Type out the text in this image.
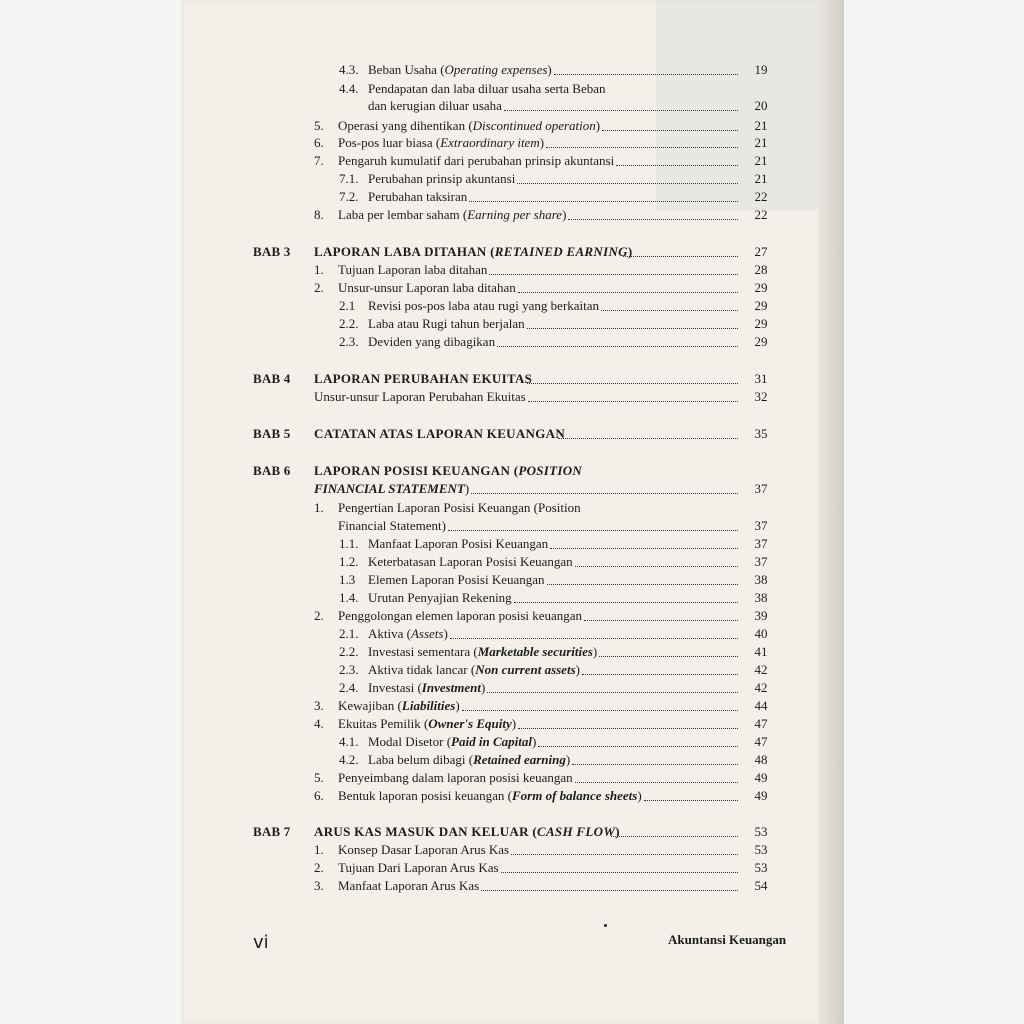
4.3. Beban Usaha (Operating expenses)	19
4.4. Pendapatan dan laba diluar usaha serta Beban
dan kerugian diluar usaha	20
5.	Operasi yang dihentikan (Discontinued operation)	21
6.	Pos-pos luar biasa (Extraordinary item)	21
7.	Pengaruh kumulatif dari perubahan prinsip akuntansi	21
7.1. Perubahan prinsip akuntansi	21
7.2. Perubahan taksiran	22
8.	Laba per lembar saham (Earning per share)	22
BAB 3	LAPORAN LABA DITAHAN (RETAINED EARNING)	27
1.	Tujuan Laporan laba ditahan	28
2.	Unsur-unsur Laporan laba ditahan	29
2.1 Revisi pos-pos laba atau rugi yang berkaitan	29
2.2. Laba atau Rugi tahun berjalan	29
2.3. Deviden yang dibagikan	29
BAB 4	LAPORAN PERUBAHAN EKUITAS	31
Unsur-unsur Laporan Perubahan Ekuitas	32
BAB 5	CATATAN ATAS LAPORAN KEUANGAN	35
BAB 6	LAPORAN POSISI KEUANGAN (POSITION
FINANCIAL STATEMENT)	37
1.	Pengertian Laporan Posisi Keuangan (Position
Financial Statement)	37
1.1. Manfaat Laporan Posisi Keuangan	37
1.2. Keterbatasan Laporan Posisi Keuangan	37
1.3 Elemen Laporan Posisi Keuangan	38
1.4. Urutan Penyajian Rekening	38
2.	Penggolongan elemen laporan posisi keuangan	39
2.1. Aktiva (Assets)	40
2.2. Investasi sementara (Marketable securities)	41
2.3. Aktiva tidak lancar (Non current assets)	42
2.4. Investasi (Investment)	42
3.	Kewajiban (Liabilities)	44
4.	Ekuitas Pemilik (Owner's Equity)	47
4.1. Modal Disetor (Paid in Capital)	47
4.2. Laba belum dibagi (Retained earning)	48
5.	Penyeimbang dalam laporan posisi keuangan	49
6.	Bentuk laporan posisi keuangan (Form of balance sheets)	49
BAB 7	ARUS KAS MASUK DAN KELUAR (CASH FLOW)	53
1.	Konsep Dasar Laporan Arus Kas	53
2.	Tujuan Dari Laporan Arus Kas	53
3.	Manfaat Laporan Arus Kas	54
vi	Akuntansi Keuangan
